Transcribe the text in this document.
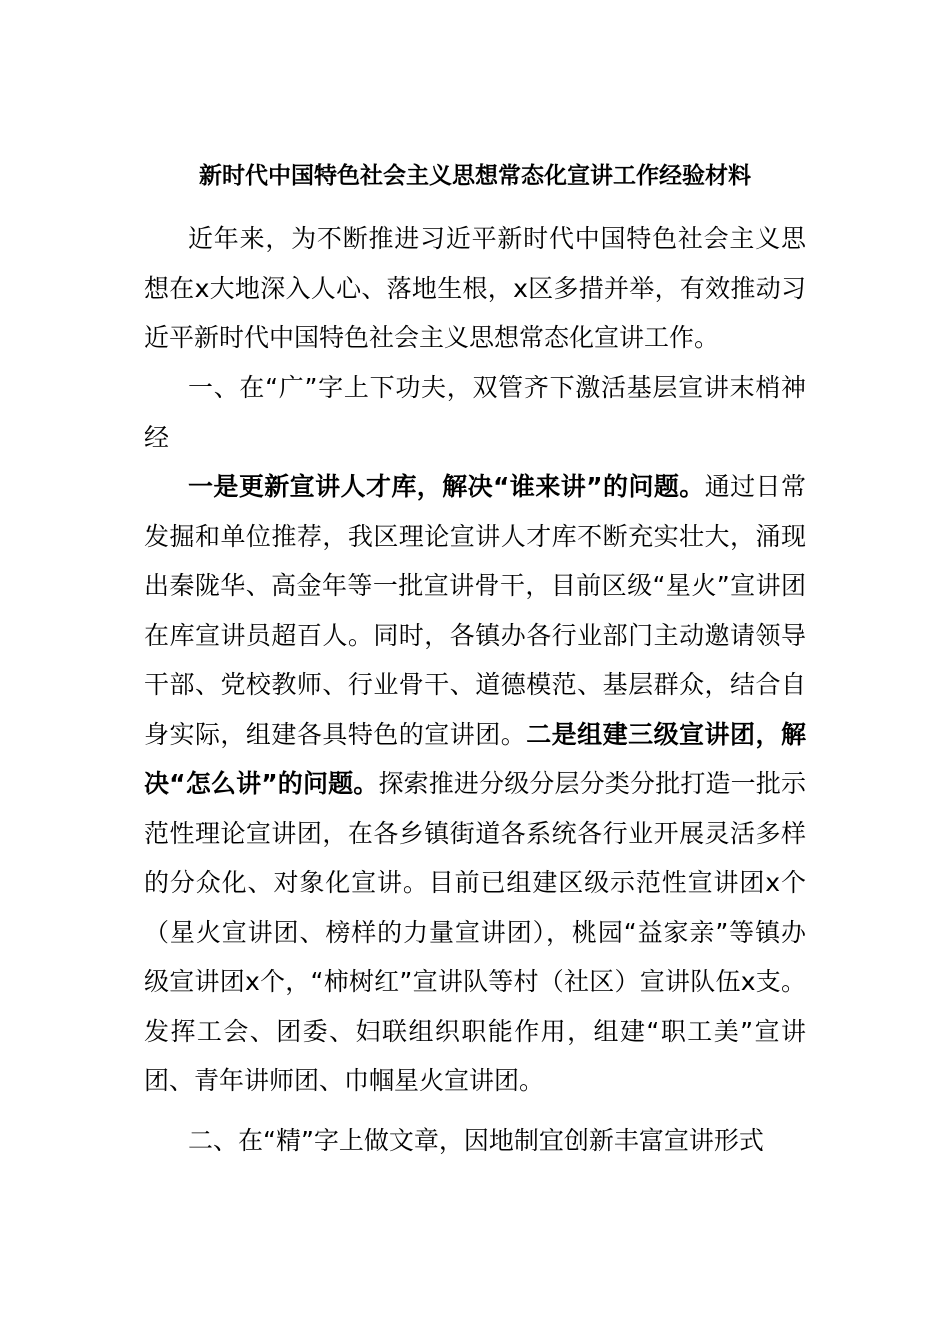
新时代中国特色社会主义思想常态化宣讲工作经验材料

近年来，为不断推进习近平新时代中国特色社会主义思想在x大地深入人心、落地生根，x区多措并举，有效推动习近平新时代中国特色社会主义思想常态化宣讲工作。

一、在“广”字上下功夫，双管齐下激活基层宣讲末梢神经

一是更新宣讲人才库，解决“谁来讲”的问题。通过日常发掘和单位推荐，我区理论宣讲人才库不断充实壮大，涌现出秦陇华、高金年等一批宣讲骨干，目前区级“星火”宣讲团在库宣讲员超百人。同时，各镇办各行业部门主动邀请领导干部、党校教师、行业骨干、道德模范、基层群众，结合自身实际，组建各具特色的宣讲团。二是组建三级宣讲团，解决“怎么讲”的问题。探索推进分级分层分类分批打造一批示范性理论宣讲团，在各乡镇街道各系统各行业开展灵活多样的分众化、对象化宣讲。目前已组建区级示范性宣讲团x个（星火宣讲团、榜样的力量宣讲团），桃园“益家亲”等镇办级宣讲团x个，“柿树红”宣讲队等村（社区）宣讲队伍x支。发挥工会、团委、妇联组织职能作用，组建“职工美”宣讲团、青年讲师团、巾帼星火宣讲团。

二、在“精”字上做文章，因地制宜创新丰富宣讲形式
